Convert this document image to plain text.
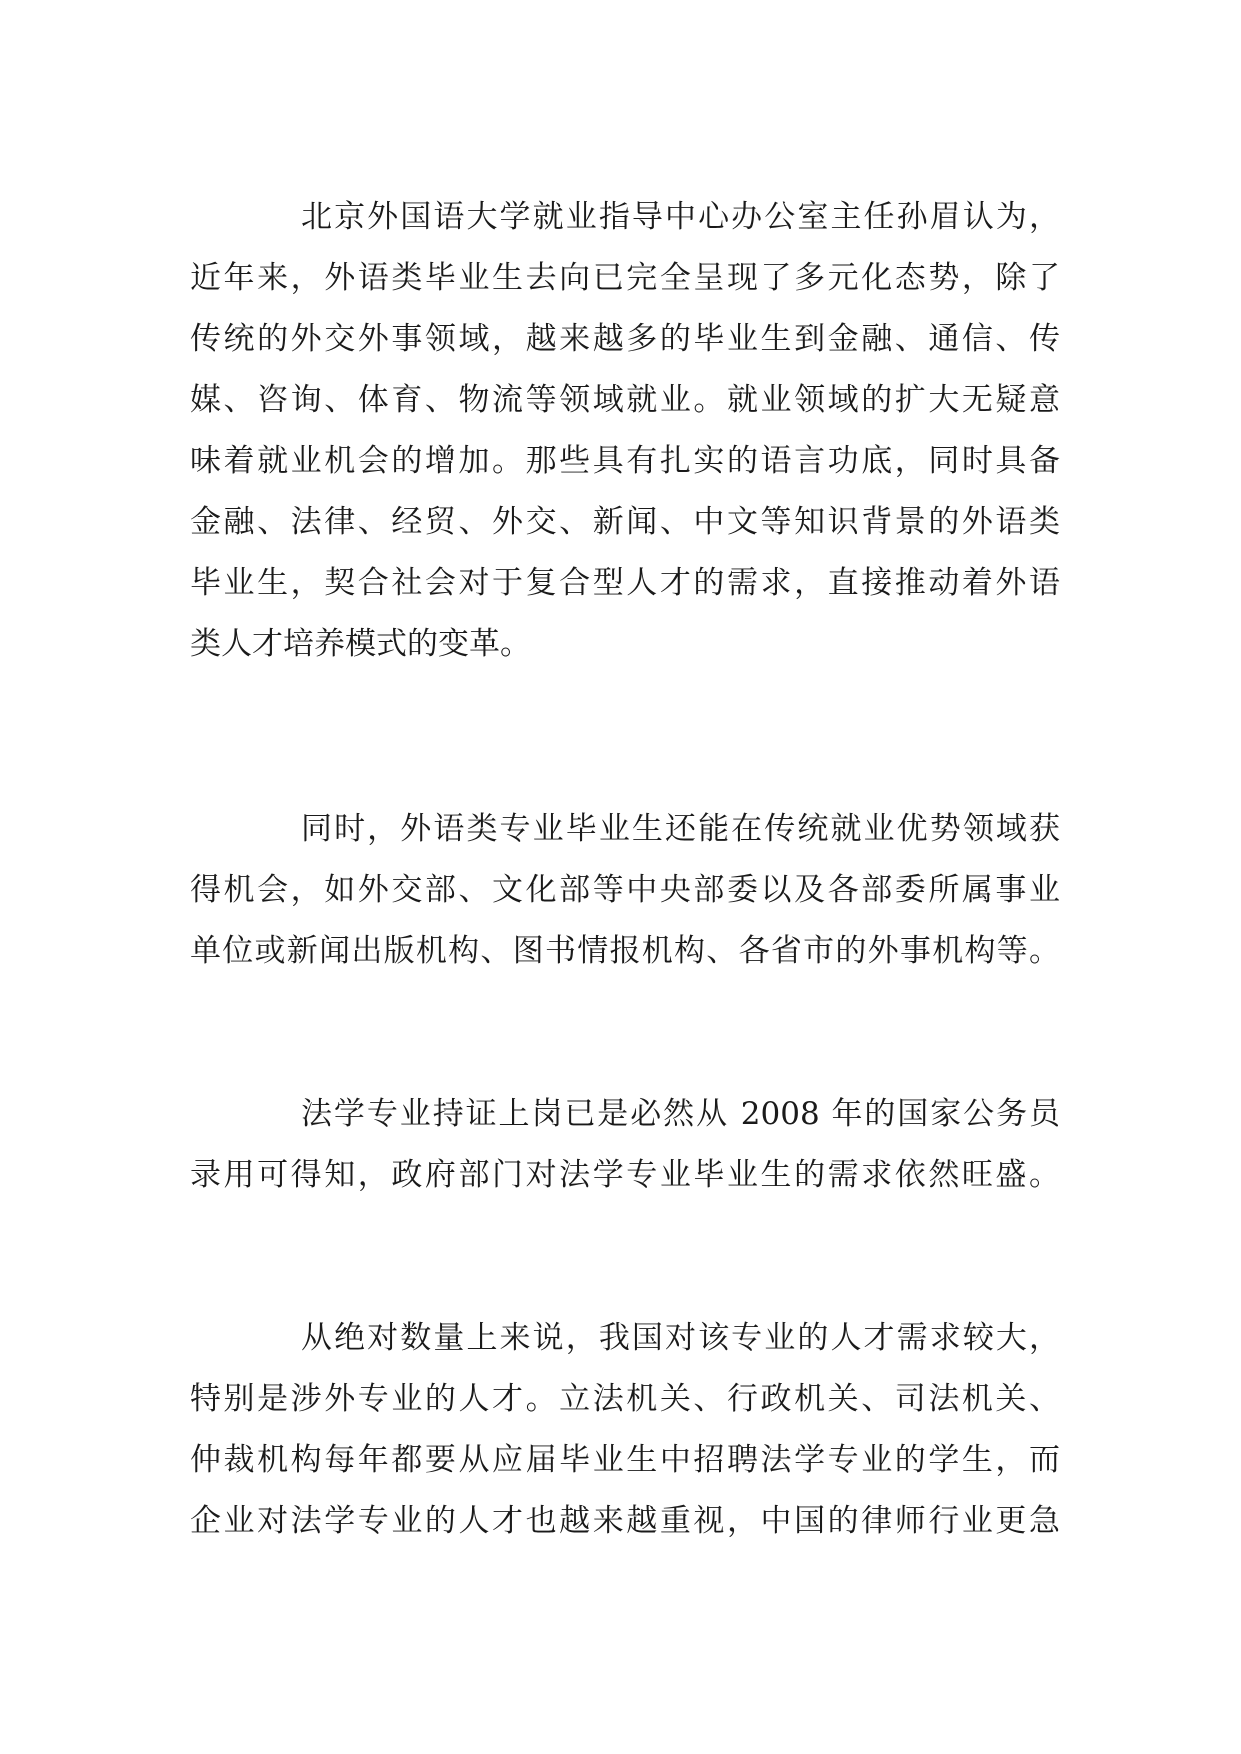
北京外国语大学就业指导中心办公室主任孙眉认为，
近年来，外语类毕业生去向已完全呈现了多元化态势，除了
传统的外交外事领域，越来越多的毕业生到金融、通信、传
媒、咨询、体育、物流等领域就业。就业领域的扩大无疑意
味着就业机会的增加。那些具有扎实的语言功底，同时具备
金融、法律、经贸、外交、新闻、中文等知识背景的外语类
毕业生，契合社会对于复合型人才的需求，直接推动着外语
类人才培养模式的变革。
同时，外语类专业毕业生还能在传统就业优势领域获
得机会，如外交部、文化部等中央部委以及各部委所属事业
单位或新闻出版机构、图书情报机构、各省市的外事机构等。
法学专业持证上岗已是必然从 2008 年的国家公务员
录用可得知，政府部门对法学专业毕业生的需求依然旺盛。
从绝对数量上来说，我国对该专业的人才需求较大，
特别是涉外专业的人才。立法机关、行政机关、司法机关、
仲裁机构每年都要从应届毕业生中招聘法学专业的学生，而
企业对法学专业的人才也越来越重视，中国的律师行业更急
